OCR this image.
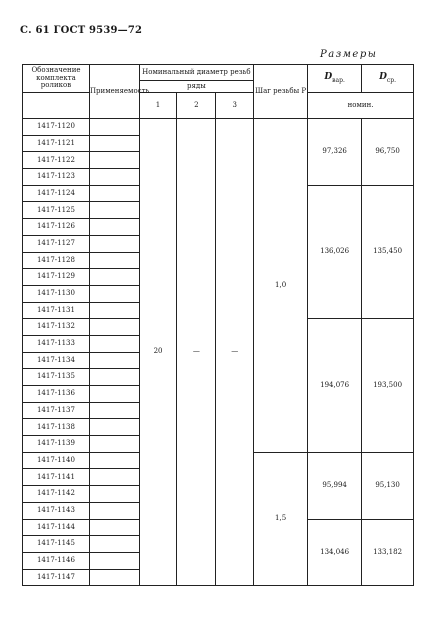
С. 61 ГОСТ 9539—72
Размеры
Обозначение комплекта роликов	Применяемость	Номинальный диаметр резьб			Шаг резьбы P	$D_{вар.}$	$D_{ср.}$
		ряды					
		1	2	3		номин.	
1417-1120		20	—	—	1,0	97,326	96,750
1417-1121							
1417-1122							
1417-1123							
1417-1124						136,026	135,450
1417-1125							
1417-1126							
1417-1127							
1417-1128							
1417-1129							
1417-1130							
1417-1131							
1417-1132						194,076	193,500
1417-1133							
1417-1134							
1417-1135							
1417-1136							
1417-1137							
1417-1138							
1417-1139							
1417-1140					1,5	95,994	95,130
1417-1141							
1417-1142							
1417-1143							
1417-1144						134,046	133,182
1417-1145							
1417-1146							
1417-1147							
